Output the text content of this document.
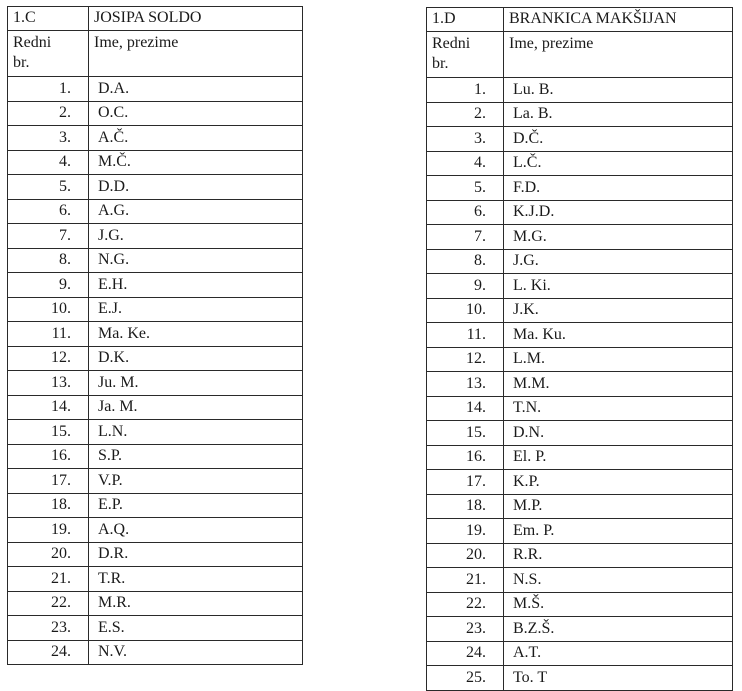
1.C	JOSIPA SOLDO

Redni
br.	Ime, prezime

1.	D.A.
2.	O.C.
3.	A.Č.
4.	M.Č.
5.	D.D.
6.	A.G.
7.	J.G.
8.	N.G.
9.	E.H.
10.	E.J.
11.	Ma. Ke.
12.	D.K.
13.	Ju. M.
14.	Ja. M.
15.	L.N.
16.	S.P.
17.	V.P.
18.	E.P.
19.	A.Q.
20.	D.R.
21.	T.R.
22.	M.R.
23.	E.S.
24.	N.V.
1.D	BRANKICA MAKŠIJAN

Redni
br.	Ime, prezime

1.	Lu. B.
2.	La. B.
3.	D.Č.
4.	L.Č.
5.	F.D.
6.	K.J.D.
7.	M.G.
8.	J.G.
9.	L. Ki.
10.	J.K.
11.	Ma. Ku.
12.	L.M.
13.	M.M.
14.	T.N.
15.	D.N.
16.	El. P.
17.	K.P.
18.	M.P.
19.	Em. P.
20.	R.R.
21.	N.S.
22.	M.Š.
23.	B.Z.Š.
24.	A.T.
25.	To. T
